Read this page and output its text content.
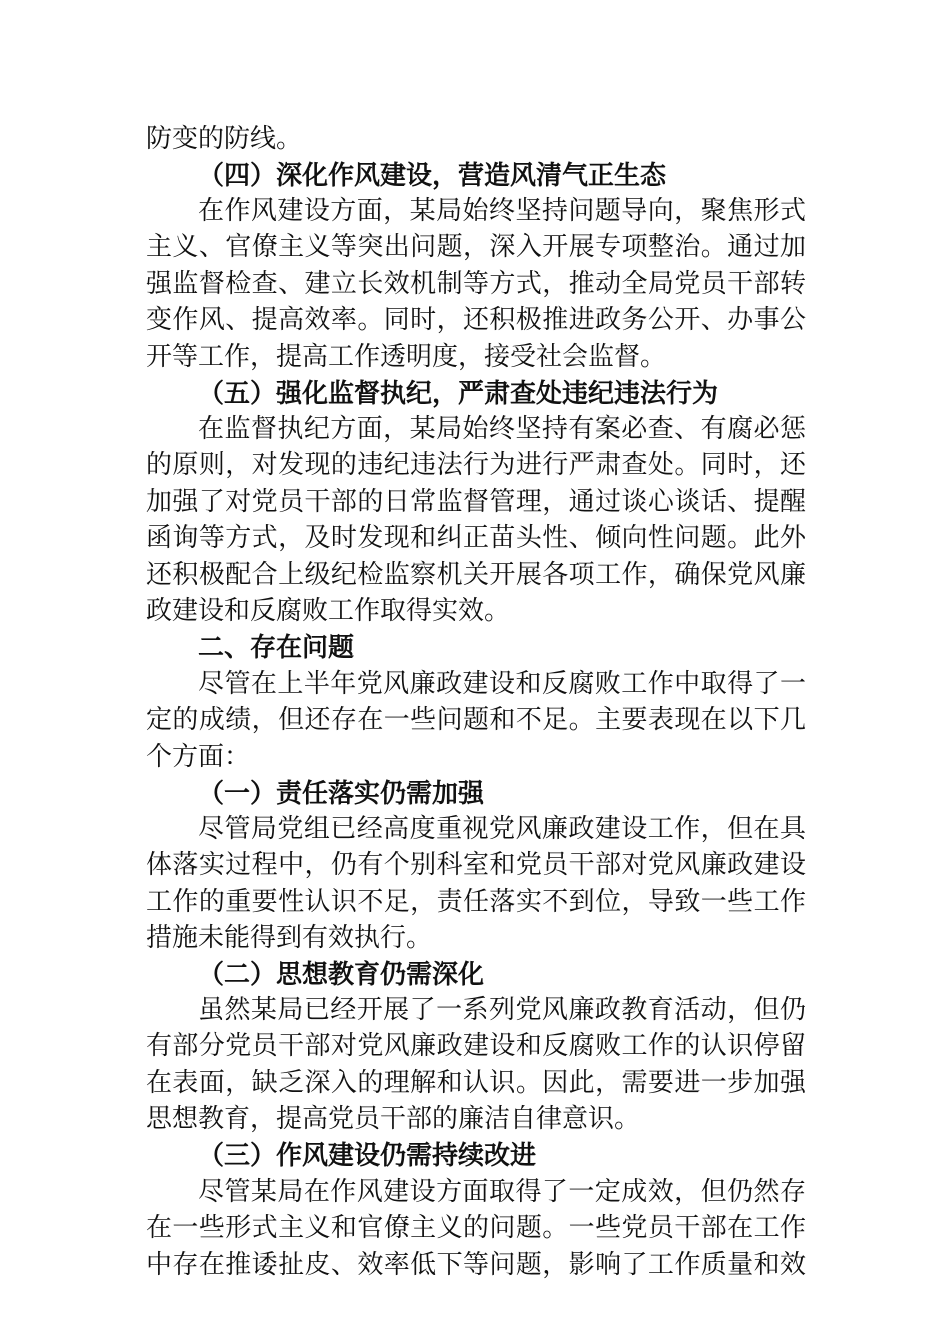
防变的防线。
（四）深化作风建设，营造风清气正生态
在作风建设方面，某局始终坚持问题导向，聚焦形式
主义、官僚主义等突出问题，深入开展专项整治。通过加
强监督检查、建立长效机制等方式，推动全局党员干部转
变作风、提高效率。同时，还积极推进政务公开、办事公
开等工作，提高工作透明度，接受社会监督。
（五）强化监督执纪，严肃查处违纪违法行为
在监督执纪方面，某局始终坚持有案必查、有腐必惩
的原则，对发现的违纪违法行为进行严肃查处。同时，还
加强了对党员干部的日常监督管理，通过谈心谈话、提醒
函询等方式，及时发现和纠正苗头性、倾向性问题。此外
还积极配合上级纪检监察机关开展各项工作，确保党风廉
政建设和反腐败工作取得实效。
二、存在问题
尽管在上半年党风廉政建设和反腐败工作中取得了一
定的成绩，但还存在一些问题和不足。主要表现在以下几
个方面：
（一）责任落实仍需加强
尽管局党组已经高度重视党风廉政建设工作，但在具
体落实过程中，仍有个别科室和党员干部对党风廉政建设
工作的重要性认识不足，责任落实不到位，导致一些工作
措施未能得到有效执行。
（二）思想教育仍需深化
虽然某局已经开展了一系列党风廉政教育活动，但仍
有部分党员干部对党风廉政建设和反腐败工作的认识停留
在表面，缺乏深入的理解和认识。因此，需要进一步加强
思想教育，提高党员干部的廉洁自律意识。
（三）作风建设仍需持续改进
尽管某局在作风建设方面取得了一定成效，但仍然存
在一些形式主义和官僚主义的问题。一些党员干部在工作
中存在推诿扯皮、效率低下等问题，影响了工作质量和效
